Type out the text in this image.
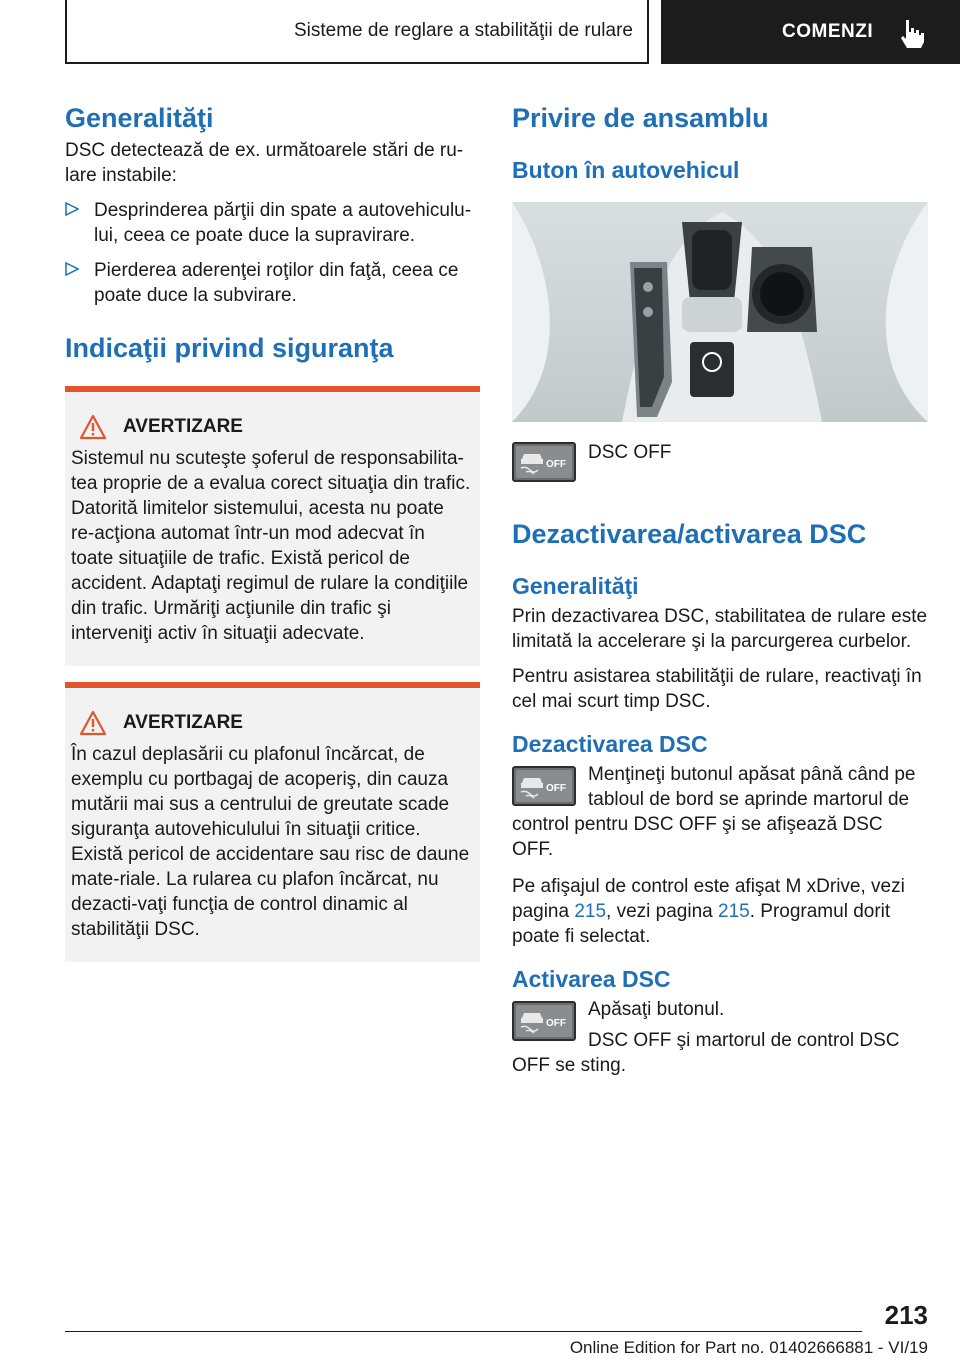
Sisteme de reglare a stabilităţii de rulare	COMENZI
Generalităţi

DSC detectează de ex. următoarele stări de ru‐lare instabile:

Desprinderea părţii din spate a autovehiculu‐lui, ceea ce poate duce la supravirare.
Pierderea aderenţei roţilor din faţă, ceea ce poate duce la subvirare.
Indicaţii privind siguranţa
AVERTIZARE
Sistemul nu scuteşte şoferul de responsabilita‐tea proprie de a evalua corect situaţia din trafic. Datorită limitelor sistemului, acesta nu poate re‐acţiona automat într-un mod adecvat în toate situaţiile de trafic. Există pericol de accident. Adaptaţi regimul de rulare la condiţiile din trafic. Urmăriţi acţiunile din trafic şi interveniţi activ în situaţii adecvate.
AVERTIZARE
În cazul deplasării cu plafonul încărcat, de exemplu cu portbagaj de acoperiş, din cauza mutării mai sus a centrului de greutate scade siguranţa autovehiculului în situaţii critice. Există pericol de accidentare sau risc de daune mate‐riale. La rularea cu plafon încărcat, nu dezacti‐vaţi funcţia de control dinamic al stabilităţii DSC.
Privire de ansamblu
Buton în autovehicul
OFF

DSC OFF

Dezactivarea/activarea DSC
Generalităţi

Prin dezactivarea DSC, stabilitatea de rulare este limitată la accelerare şi la parcurgerea curbelor.

Pentru asistarea stabilităţii de rulare, reactivaţi în cel mai scurt timp DSC.

Dezactivarea DSC
OFF

Menţineţi butonul apăsat până când pe tabloul de bord se aprinde martorul de control pentru DSC OFF şi se afişează DSC OFF.

Pe afişajul de control este afişat M xDrive, vezi pagina 215, vezi pagina 215. Programul dorit poate fi selectat.

Activarea DSC
OFF

Apăsaţi butonul.

DSC OFF şi martorul de control DSC OFF se sting.

213
Online Edition for Part no. 01402666881 - VI/19
